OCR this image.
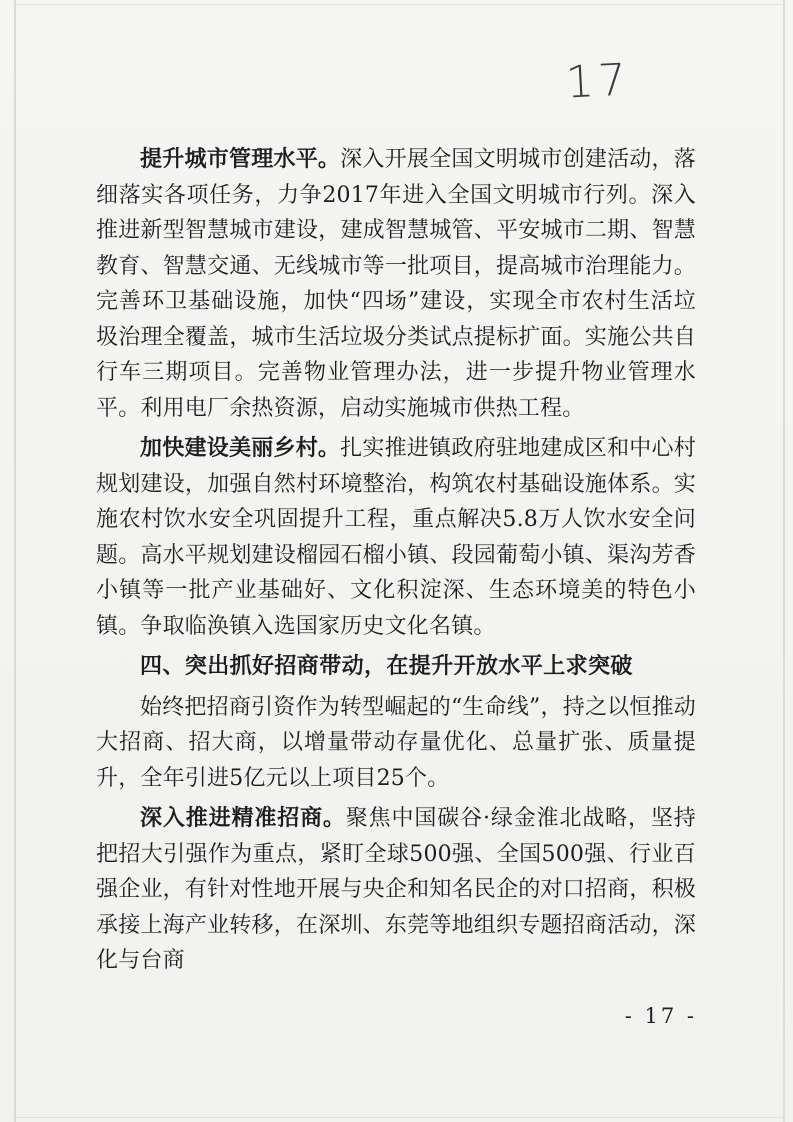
17

提升城市管理水平。深入开展全国文明城市创建活动，落细落实各项任务，力争2017年进入全国文明城市行列。深入推进新型智慧城市建设，建成智慧城管、平安城市二期、智慧教育、智慧交通、无线城市等一批项目，提高城市治理能力。完善环卫基础设施，加快“四场”建设，实现全市农村生活垃圾治理全覆盖，城市生活垃圾分类试点提标扩面。实施公共自行车三期项目。完善物业管理办法，进一步提升物业管理水平。利用电厂余热资源，启动实施城市供热工程。

加快建设美丽乡村。扎实推进镇政府驻地建成区和中心村规划建设，加强自然村环境整治，构筑农村基础设施体系。实施农村饮水安全巩固提升工程，重点解决5.8万人饮水安全问题。高水平规划建设榴园石榴小镇、段园葡萄小镇、渠沟芳香小镇等一批产业基础好、文化积淀深、生态环境美的特色小镇。争取临涣镇入选国家历史文化名镇。

四、突出抓好招商带动，在提升开放水平上求突破

始终把招商引资作为转型崛起的“生命线”，持之以恒推动大招商、招大商，以增量带动存量优化、总量扩张、质量提升，全年引进5亿元以上项目25个。

深入推进精准招商。聚焦中国碳谷·绿金淮北战略，坚持把招大引强作为重点，紧盯全球500强、全国500强、行业百强企业，有针对性地开展与央企和知名民企的对口招商，积极承接上海产业转移，在深圳、东莞等地组织专题招商活动，深化与台商

- 17 -
